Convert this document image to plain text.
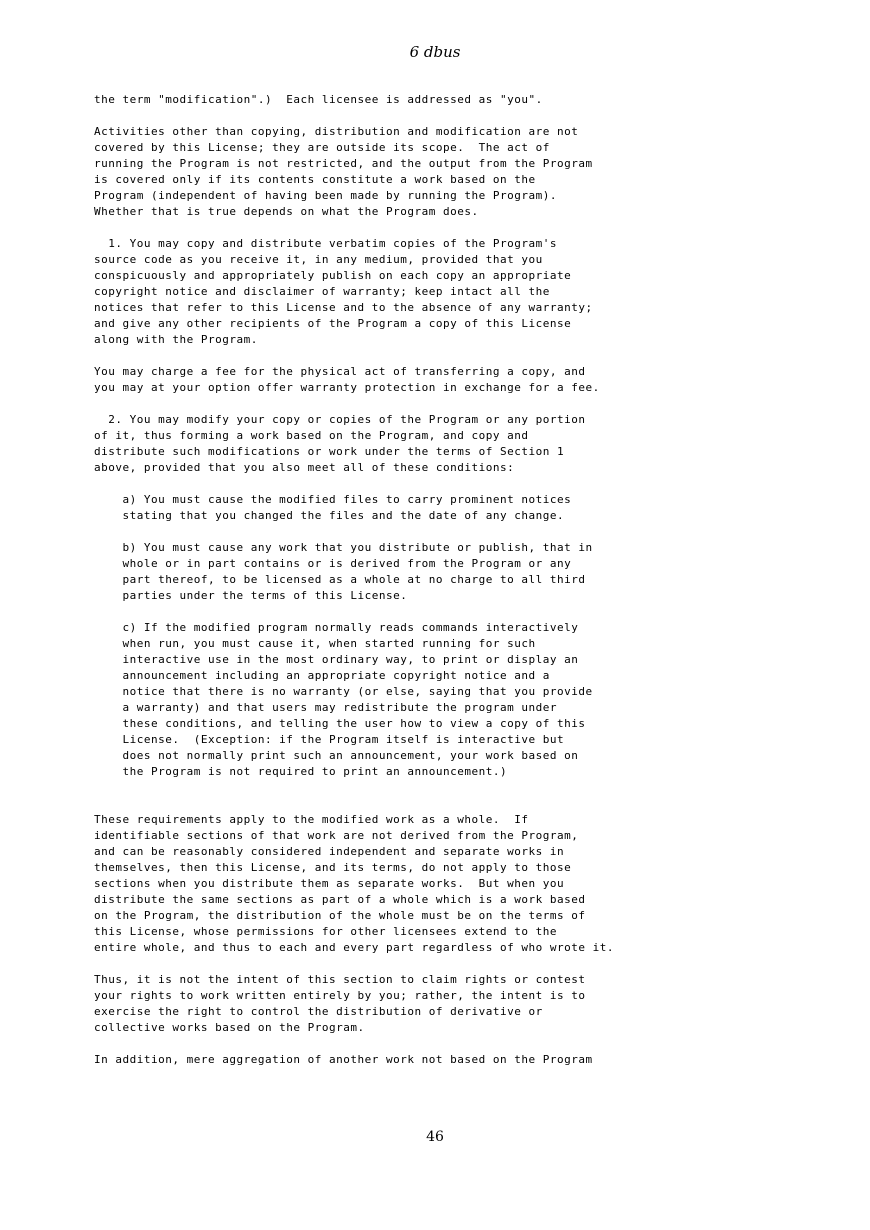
6 dbus
the term "modification".)  Each licensee is addressed as "you".
Activities other than copying, distribution and modification are not
covered by this License; they are outside its scope.  The act of
running the Program is not restricted, and the output from the Program
is covered only if its contents constitute a work based on the
Program (independent of having been made by running the Program).
Whether that is true depends on what the Program does.
1. You may copy and distribute verbatim copies of the Program's
source code as you receive it, in any medium, provided that you
conspicuously and appropriately publish on each copy an appropriate
copyright notice and disclaimer of warranty; keep intact all the
notices that refer to this License and to the absence of any warranty;
and give any other recipients of the Program a copy of this License
along with the Program.
You may charge a fee for the physical act of transferring a copy, and
you may at your option offer warranty protection in exchange for a fee.
2. You may modify your copy or copies of the Program or any portion
of it, thus forming a work based on the Program, and copy and
distribute such modifications or work under the terms of Section 1
above, provided that you also meet all of these conditions:
a) You must cause the modified files to carry prominent notices
stating that you changed the files and the date of any change.
b) You must cause any work that you distribute or publish, that in
whole or in part contains or is derived from the Program or any
part thereof, to be licensed as a whole at no charge to all third
parties under the terms of this License.
c) If the modified program normally reads commands interactively
when run, you must cause it, when started running for such
interactive use in the most ordinary way, to print or display an
announcement including an appropriate copyright notice and a
notice that there is no warranty (or else, saying that you provide
a warranty) and that users may redistribute the program under
these conditions, and telling the user how to view a copy of this
License.  (Exception: if the Program itself is interactive but
does not normally print such an announcement, your work based on
the Program is not required to print an announcement.)
These requirements apply to the modified work as a whole.  If
identifiable sections of that work are not derived from the Program,
and can be reasonably considered independent and separate works in
themselves, then this License, and its terms, do not apply to those
sections when you distribute them as separate works.  But when you
distribute the same sections as part of a whole which is a work based
on the Program, the distribution of the whole must be on the terms of
this License, whose permissions for other licensees extend to the
entire whole, and thus to each and every part regardless of who wrote it.
Thus, it is not the intent of this section to claim rights or contest
your rights to work written entirely by you; rather, the intent is to
exercise the right to control the distribution of derivative or
collective works based on the Program.
In addition, mere aggregation of another work not based on the Program
46
